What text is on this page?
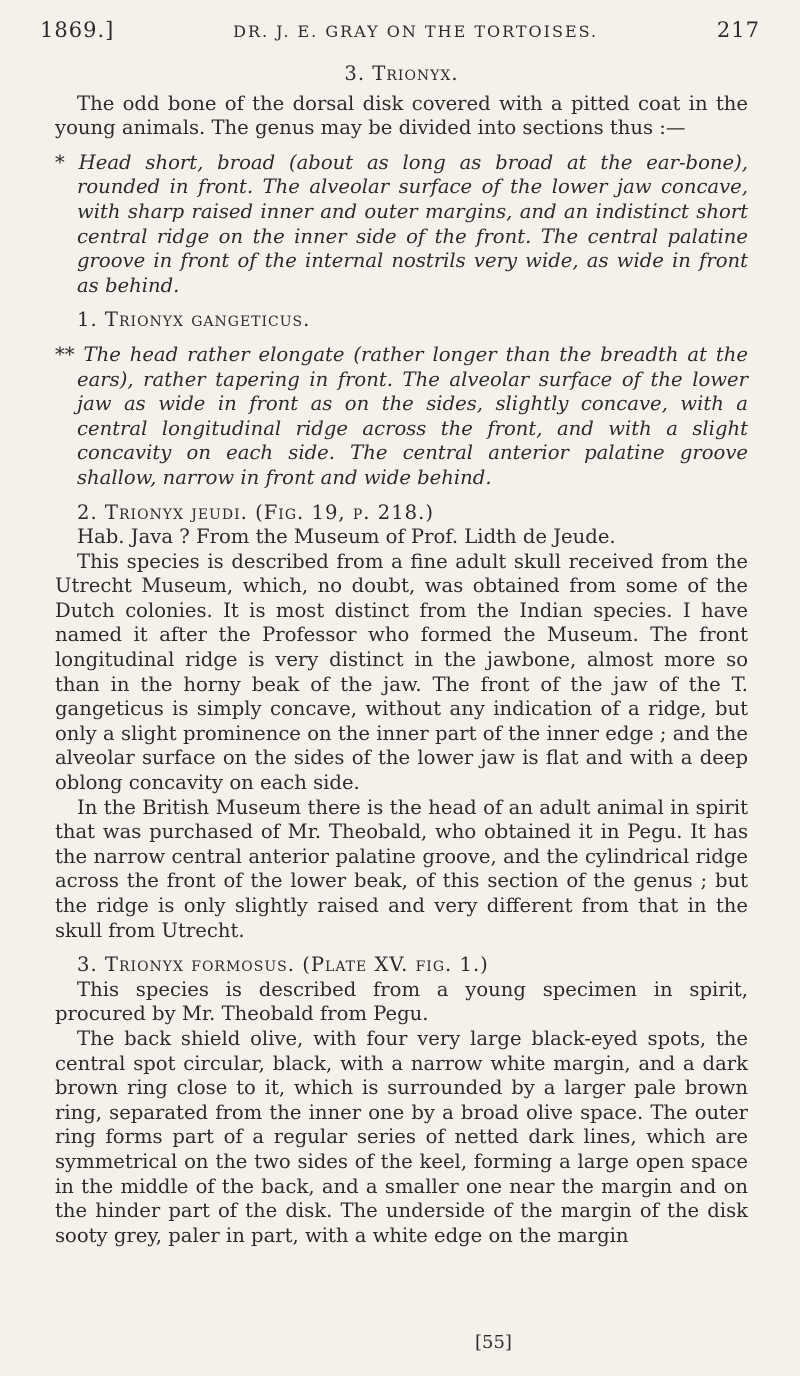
1869.]	DR. J. E. GRAY ON THE TORTOISES.	217

3. Trionyx.

The odd bone of the dorsal disk covered with a pitted coat in the young animals. The genus may be divided into sections thus :—

* Head short, broad (about as long as broad at the ear-bone), rounded in front. The alveolar surface of the lower jaw concave, with sharp raised inner and outer margins, and an indistinct short central ridge on the inner side of the front. The central palatine groove in front of the internal nostrils very wide, as wide in front as behind.

1. Trionyx gangeticus.

** The head rather elongate (rather longer than the breadth at the ears), rather tapering in front. The alveolar surface of the lower jaw as wide in front as on the sides, slightly concave, with a central longitudinal ridge across the front, and with a slight concavity on each side. The central anterior palatine groove shallow, narrow in front and wide behind.

2. Trionyx jeudi. (Fig. 19, p. 218.)

Hab. Java ? From the Museum of Prof. Lidth de Jeude.

This species is described from a fine adult skull received from the Utrecht Museum, which, no doubt, was obtained from some of the Dutch colonies. It is most distinct from the Indian species. I have named it after the Professor who formed the Museum. The front longitudinal ridge is very distinct in the jawbone, almost more so than in the horny beak of the jaw. The front of the jaw of the T. gangeticus is simply concave, without any indication of a ridge, but only a slight prominence on the inner part of the inner edge ; and the alveolar surface on the sides of the lower jaw is flat and with a deep oblong concavity on each side.

In the British Museum there is the head of an adult animal in spirit that was purchased of Mr. Theobald, who obtained it in Pegu. It has the narrow central anterior palatine groove, and the cylindrical ridge across the front of the lower beak, of this section of the genus ; but the ridge is only slightly raised and very different from that in the skull from Utrecht.

3. Trionyx formosus. (Plate XV. fig. 1.)

This species is described from a young specimen in spirit, procured by Mr. Theobald from Pegu.

The back shield olive, with four very large black-eyed spots, the central spot circular, black, with a narrow white margin, and a dark brown ring close to it, which is surrounded by a larger pale brown ring, separated from the inner one by a broad olive space. The outer ring forms part of a regular series of netted dark lines, which are symmetrical on the two sides of the keel, forming a large open space in the middle of the back, and a smaller one near the margin and on the hinder part of the disk. The underside of the margin of the disk sooty grey, paler in part, with a white edge on the margin

[55]
